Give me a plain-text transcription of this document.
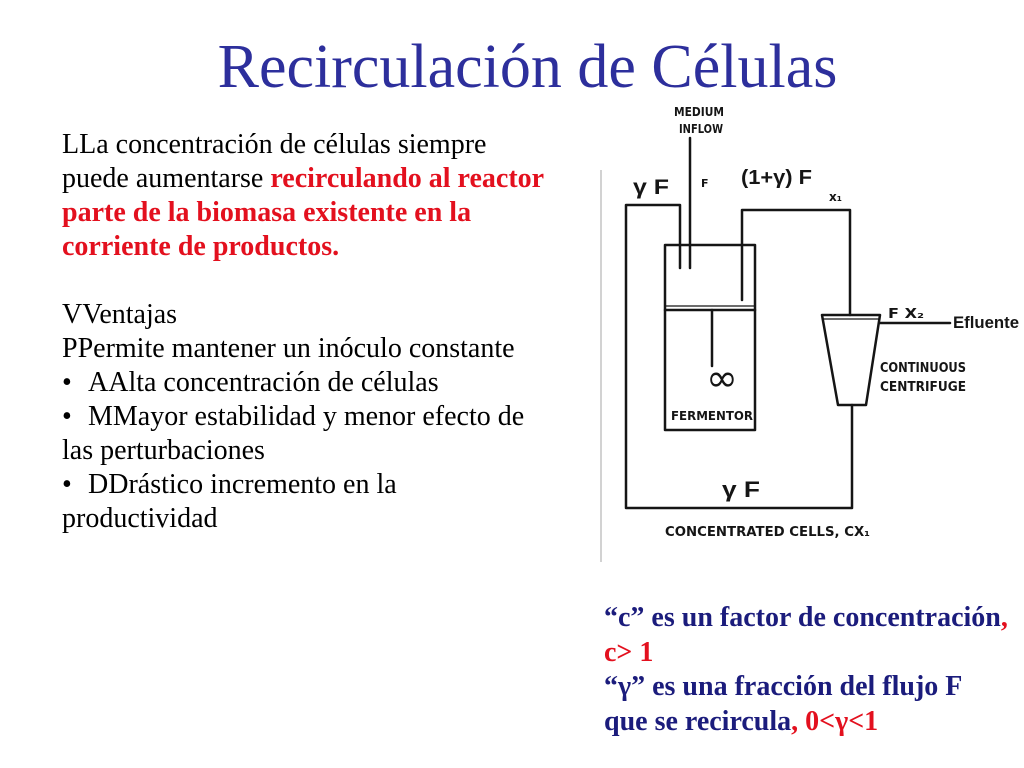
Recirculación de Células
LLa concentración de células siempre
puede aumentarse recirculando al reactor
parte de la biomasa existente en la
corriente de productos.
VVentajas
PPermite mantener un inóculo constante
• AAlta concentración de células
• MMayor estabilidad y menor efecto de
las perturbaciones
• DDrástico incremento en la
productividad
MEDIUM
INFLOW
F
γ F	(1+γ) F
x₁
F X₂ Efluente
CONTINUOUS
CENTRIFUGE
∞
FERMENTOR
γ F
CONCENTRATED CELLS, CX₁
“c” es un factor de concentración,
c> 1
“γ” es una fracción del flujo F
que se recircula, 0<γ<1
